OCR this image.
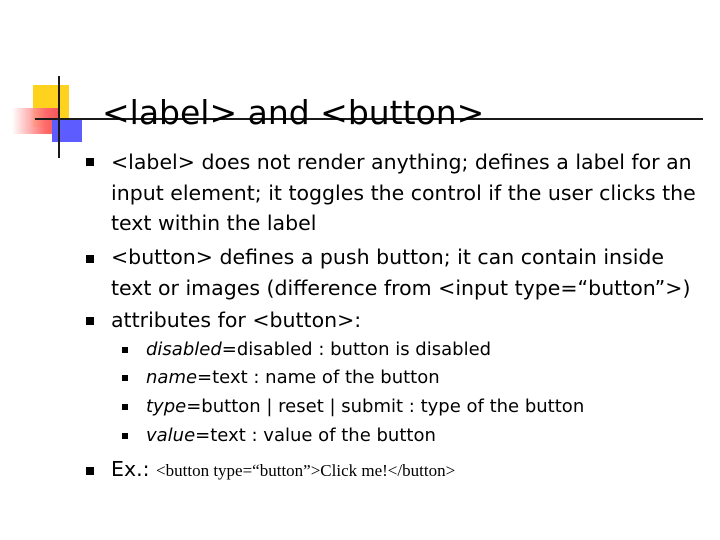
<label> and <button>
<label> does not render anything; defines a label for an
input element; it toggles the control if the user clicks the
text within the label
<button> defines a push button; it can contain inside
text or images (difference from <input type=“button”>)
attributes for <button>:
disabled=disabled : button is disabled
name=text : name of the button
type=button | reset | submit : type of the button
value=text : value of the button
Ex.: <button type=“button”>Click me!</button>
